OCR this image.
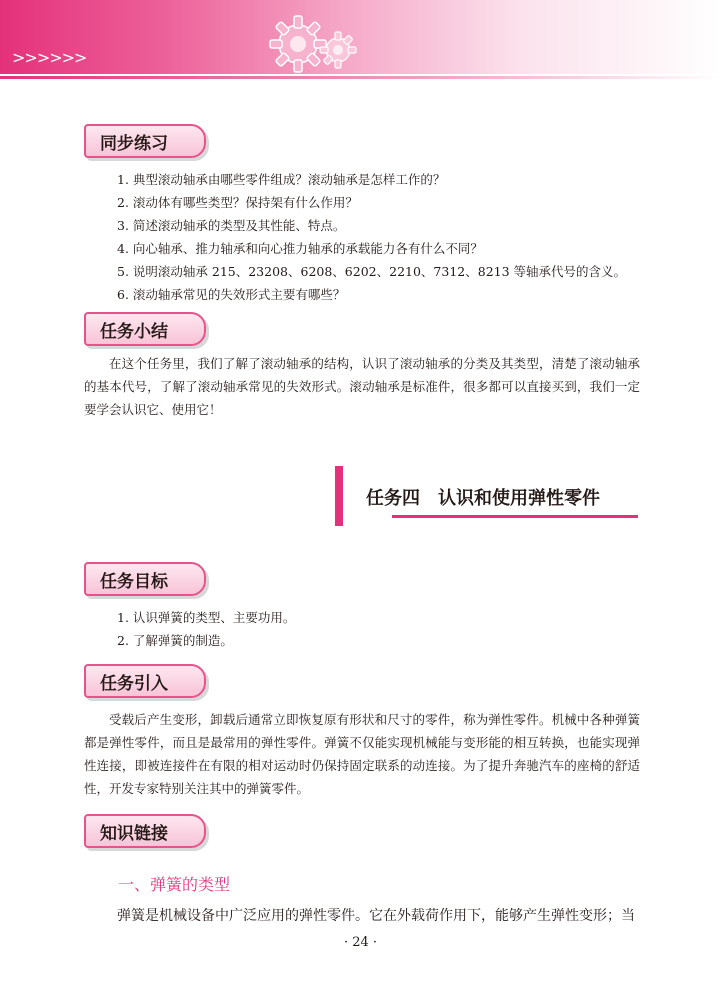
>>>>>>
同步练习
1. 典型滚动轴承由哪些零件组成？滚动轴承是怎样工作的？
2. 滚动体有哪些类型？保持架有什么作用？
3. 简述滚动轴承的类型及其性能、特点。
4. 向心轴承、推力轴承和向心推力轴承的承载能力各有什么不同？
5. 说明滚动轴承 215、23208、6208、6202、2210、7312、8213 等轴承代号的含义。
6. 滚动轴承常见的失效形式主要有哪些？
任务小结
在这个任务里，我们了解了滚动轴承的结构，认识了滚动轴承的分类及其类型，清楚了滚动轴承的基本代号，了解了滚动轴承常见的失效形式。滚动轴承是标准件，很多都可以直接买到，我们一定要学会认识它、使用它！
任务四　认识和使用弹性零件
任务目标
1. 认识弹簧的类型、主要功用。
2. 了解弹簧的制造。
任务引入
受载后产生变形，卸载后通常立即恢复原有形状和尺寸的零件，称为弹性零件。机械中各种弹簧都是弹性零件，而且是最常用的弹性零件。弹簧不仅能实现机械能与变形能的相互转换，也能实现弹性连接，即被连接件在有限的相对运动时仍保持固定联系的动连接。为了提升奔驰汽车的座椅的舒适性，开发专家特别关注其中的弹簧零件。
知识链接
一、弹簧的类型
弹簧是机械设备中广泛应用的弹性零件。它在外载荷作用下，能够产生弹性变形；当
· 24 ·
